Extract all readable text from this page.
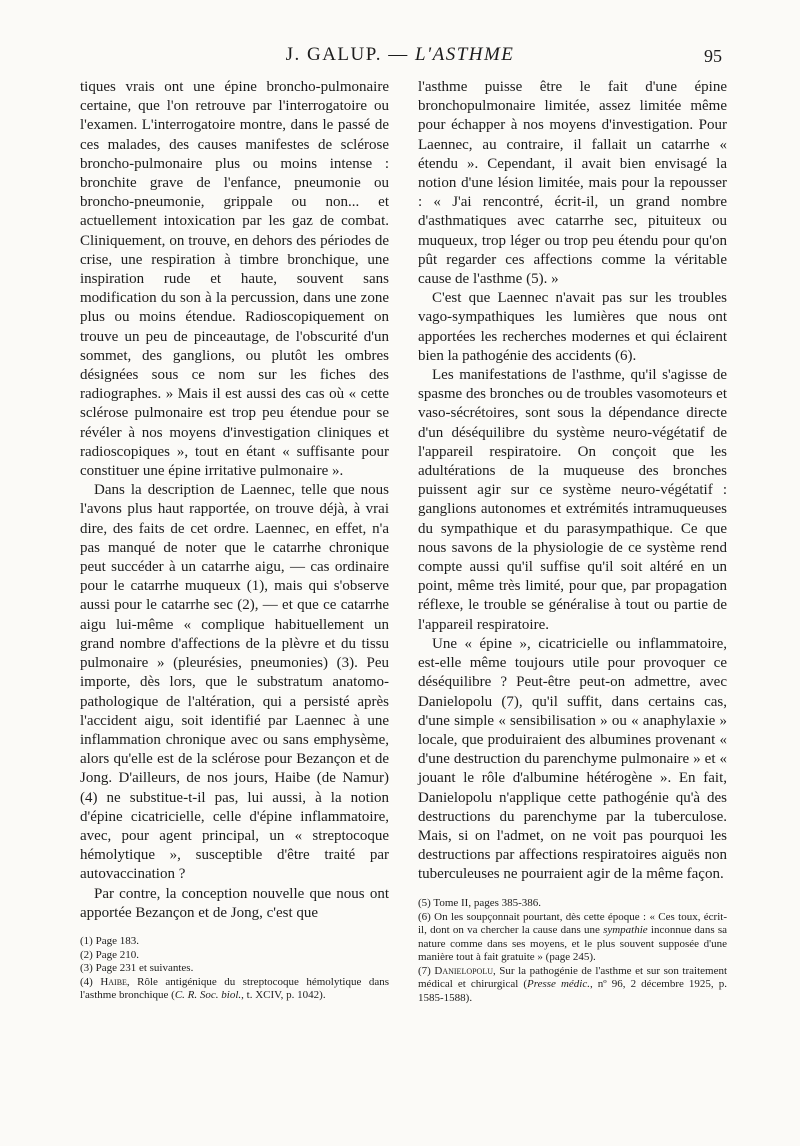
J. GALUP. — L'ASTHME	95

tiques vrais ont une épine broncho-pulmonaire certaine, que l'on retrouve par l'interrogatoire ou l'examen. L'interrogatoire montre, dans le passé de ces malades, des causes manifestes de sclérose broncho-pulmonaire plus ou moins intense : bronchite grave de l'enfance, pneumonie ou broncho-pneumonie, grippale ou non... et actuellement intoxication par les gaz de combat. Cliniquement, on trouve, en dehors des périodes de crise, une respiration à timbre bronchique, une inspiration rude et haute, souvent sans modification du son à la percussion, dans une zone plus ou moins étendue. Radioscopiquement on trouve un peu de pinceautage, de l'obscurité d'un sommet, des ganglions, ou plutôt les ombres désignées sous ce nom sur les fiches des radiographes. » Mais il est aussi des cas où « cette sclérose pulmonaire est trop peu étendue pour se révéler à nos moyens d'investigation cliniques et radioscopiques », tout en étant « suffisante pour constituer une épine irritative pulmonaire ».

Dans la description de Laennec, telle que nous l'avons plus haut rapportée, on trouve déjà, à vrai dire, des faits de cet ordre. Laennec, en effet, n'a pas manqué de noter que le catarrhe chronique peut succéder à un catarrhe aigu, — cas ordinaire pour le catarrhe muqueux (1), mais qui s'observe aussi pour le catarrhe sec (2), — et que ce catarrhe aigu lui-même « complique habituellement un grand nombre d'affections de la plèvre et du tissu pulmonaire » (pleurésies, pneumonies) (3). Peu importe, dès lors, que le substratum anatomo-pathologique de l'altération, qui a persisté après l'accident aigu, soit identifié par Laennec à une inflammation chronique avec ou sans emphysème, alors qu'elle est de la sclérose pour Bezançon et de Jong. D'ailleurs, de nos jours, Haibe (de Namur) (4) ne substitue-t-il pas, lui aussi, à la notion d'épine cicatricielle, celle d'épine inflammatoire, avec, pour agent principal, un « streptocoque hémolytique », susceptible d'être traité par autovaccination ?

Par contre, la conception nouvelle que nous ont apportée Bezançon et de Jong, c'est que

l'asthme puisse être le fait d'une épine bronchopulmonaire limitée, assez limitée même pour échapper à nos moyens d'investigation. Pour Laennec, au contraire, il fallait un catarrhe « étendu ». Cependant, il avait bien envisagé la notion d'une lésion limitée, mais pour la repousser : « J'ai rencontré, écrit-il, un grand nombre d'asthmatiques avec catarrhe sec, pituiteux ou muqueux, trop léger ou trop peu étendu pour qu'on pût regarder ces affections comme la véritable cause de l'asthme (5). »

C'est que Laennec n'avait pas sur les troubles vago-sympathiques les lumières que nous ont apportées les recherches modernes et qui éclairent bien la pathogénie des accidents (6).

Les manifestations de l'asthme, qu'il s'agisse de spasme des bronches ou de troubles vasomoteurs et vaso-sécrétoires, sont sous la dépendance directe d'un déséquilibre du système neuro-végétatif de l'appareil respiratoire. On conçoit que les adultérations de la muqueuse des bronches puissent agir sur ce système neuro-végétatif : ganglions autonomes et extrémités intramuqueuses du sympathique et du parasympathique. Ce que nous savons de la physiologie de ce système rend compte aussi qu'il suffise qu'il soit altéré en un point, même très limité, pour que, par propagation réflexe, le trouble se généralise à tout ou partie de l'appareil respiratoire.

Une « épine », cicatricielle ou inflammatoire, est-elle même toujours utile pour provoquer ce déséquilibre ? Peut-être peut-on admettre, avec Danielopolu (7), qu'il suffit, dans certains cas, d'une simple « sensibilisation » ou « anaphylaxie » locale, que produiraient des albumines provenant « d'une destruction du parenchyme pulmonaire » et « jouant le rôle d'albumine hétérogène ». En fait, Danielopolu n'applique cette pathogénie qu'à des destructions du parenchyme par la tuberculose. Mais, si on l'admet, on ne voit pas pourquoi les destructions par affections respiratoires aiguës non tuberculeuses ne pourraient agir de la même façon.

(1) Page 183.

(2) Page 210.

(3) Page 231 et suivantes.

(4) Haibe, Rôle antigénique du streptocoque hémolytique dans l'asthme bronchique (C. R. Soc. biol., t. XCIV, p. 1042).

(5) Tome II, pages 385-386.

(6) On les soupçonnait pourtant, dès cette époque : « Ces toux, écrit-il, dont on va chercher la cause dans une sympathie inconnue dans sa nature comme dans ses moyens, et le plus souvent supposée d'une manière tout à fait gratuite » (page 245).

(7) Danielopolu, Sur la pathogénie de l'asthme et sur son traitement médical et chirurgical (Presse médic., nº 96, 2 décembre 1925, p. 1585-1588).
